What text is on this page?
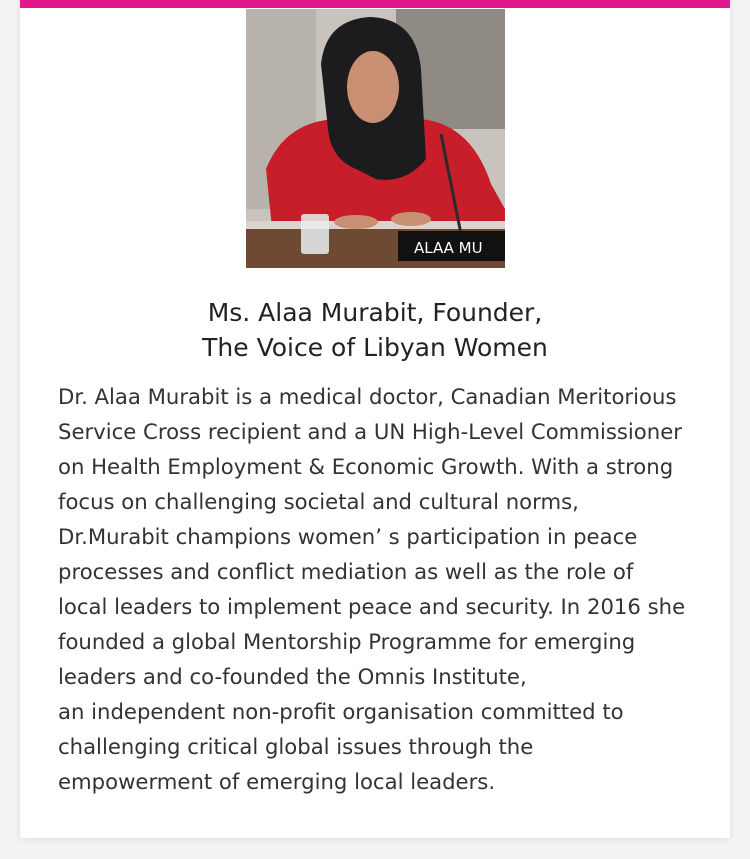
ALAA MU
Ms. Alaa Murabit, Founder,
The Voice of Libyan Women

Dr. Alaa Murabit is a medical doctor, Canadian Meritorious
Service Cross recipient and a UN High-Level Commissioner
on Health Employment & Economic Growth. With a strong
focus on challenging societal and cultural norms,
Dr.Murabit champions women’ s participation in peace
processes and conflict mediation as well as the role of
local leaders to implement peace and security. In 2016 she
founded a global Mentorship Programme for emerging
leaders and co-founded the Omnis Institute,
an independent non-profit organisation committed to
challenging critical global issues through the
empowerment of emerging local leaders.
